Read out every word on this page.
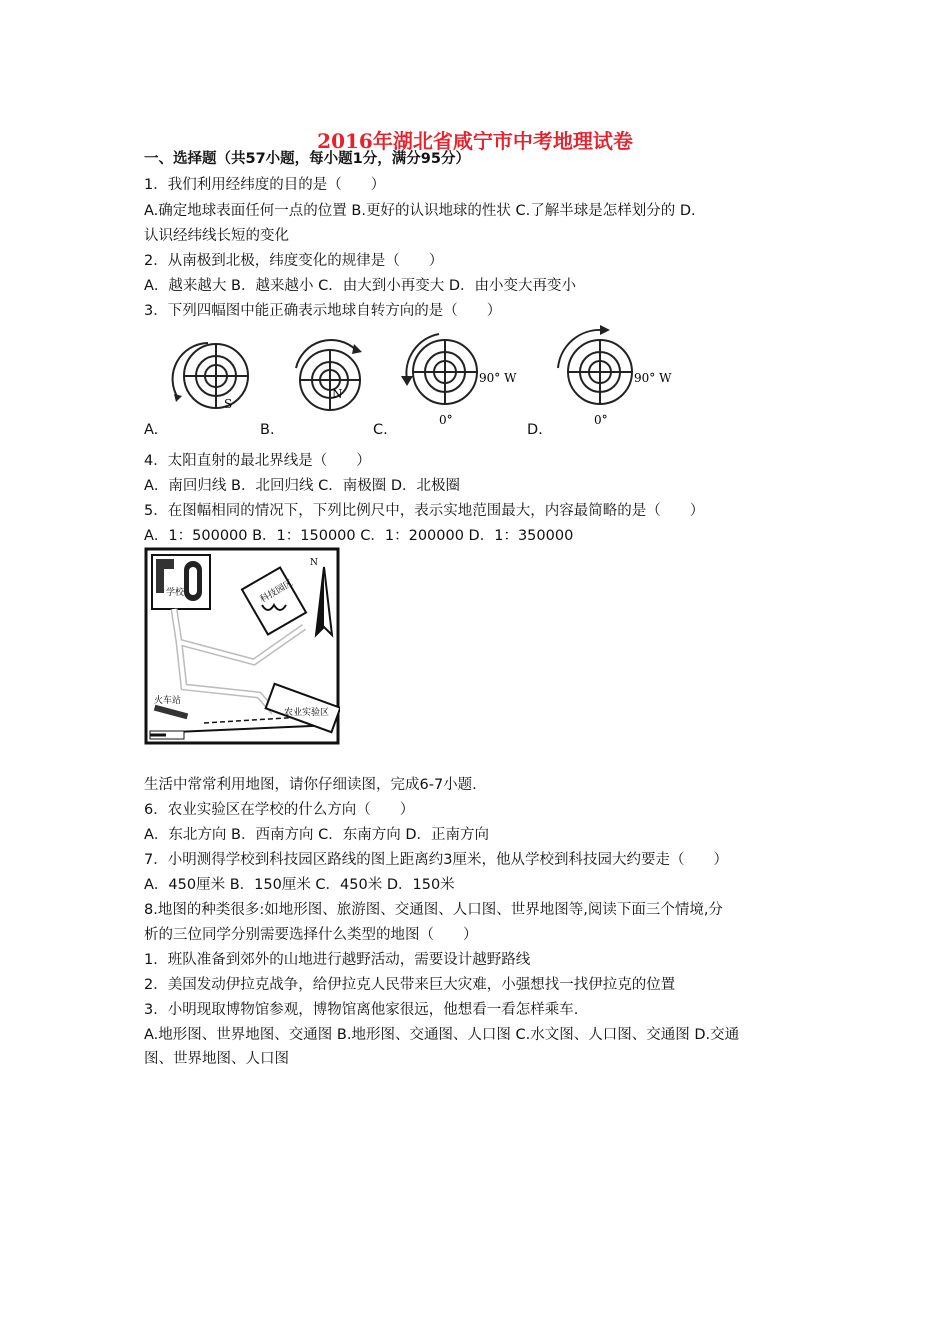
2016年湖北省咸宁市中考地理试卷
一、选择题（共57小题，每小题1分，满分95分）
1．我们利用经纬度的目的是（　　）
A.确定地球表面任何一点的位置 B.更好的认识地球的性状 C.了解半球是怎样划分的 D.
认识经纬线长短的变化
2．从南极到北极，纬度变化的规律是（　　）
A．越来越大 B．越来越小 C．由大到小再变大 D．由小变大再变小
3．下列四幅图中能正确表示地球自转方向的是（　　）
S
A.
N
B.
90° W
0°
C.
90° W
0°
D.
4．太阳直射的最北界线是（　　）
A．南回归线 B．北回归线 C．南极圈 D．北极圈
5．在图幅相同的情况下，下列比例尺中，表示实地范围最大，内容最简略的是（　　）
A．1：500000 B．1：150000 C．1：200000 D．1：350000
学校	科技园区
N
火车站
农业实验区
生活中常常利用地图，请你仔细读图，完成6-7小题.
6．农业实验区在学校的什么方向（　　）
A．东北方向 B．西南方向 C．东南方向 D．正南方向
7．小明测得学校到科技园区路线的图上距离约3厘米，他从学校到科技园大约要走（　　）
A．450厘米 B．150厘米 C．450米 D．150米
8.地图的种类很多:如地形图、旅游图、交通图、人口图、世界地图等,阅读下面三个情境,分
析的三位同学分别需要选择什么类型的地图（　　）
1．班队准备到郊外的山地进行越野活动，需要设计越野路线
2．美国发动伊拉克战争，给伊拉克人民带来巨大灾难，小强想找一找伊拉克的位置
3．小明现取博物馆参观，博物馆离他家很远，他想看一看怎样乘车.
A.地形图、世界地图、交通图 B.地形图、交通图、人口图 C.水文图、人口图、交通图 D.交通
图、世界地图、人口图
